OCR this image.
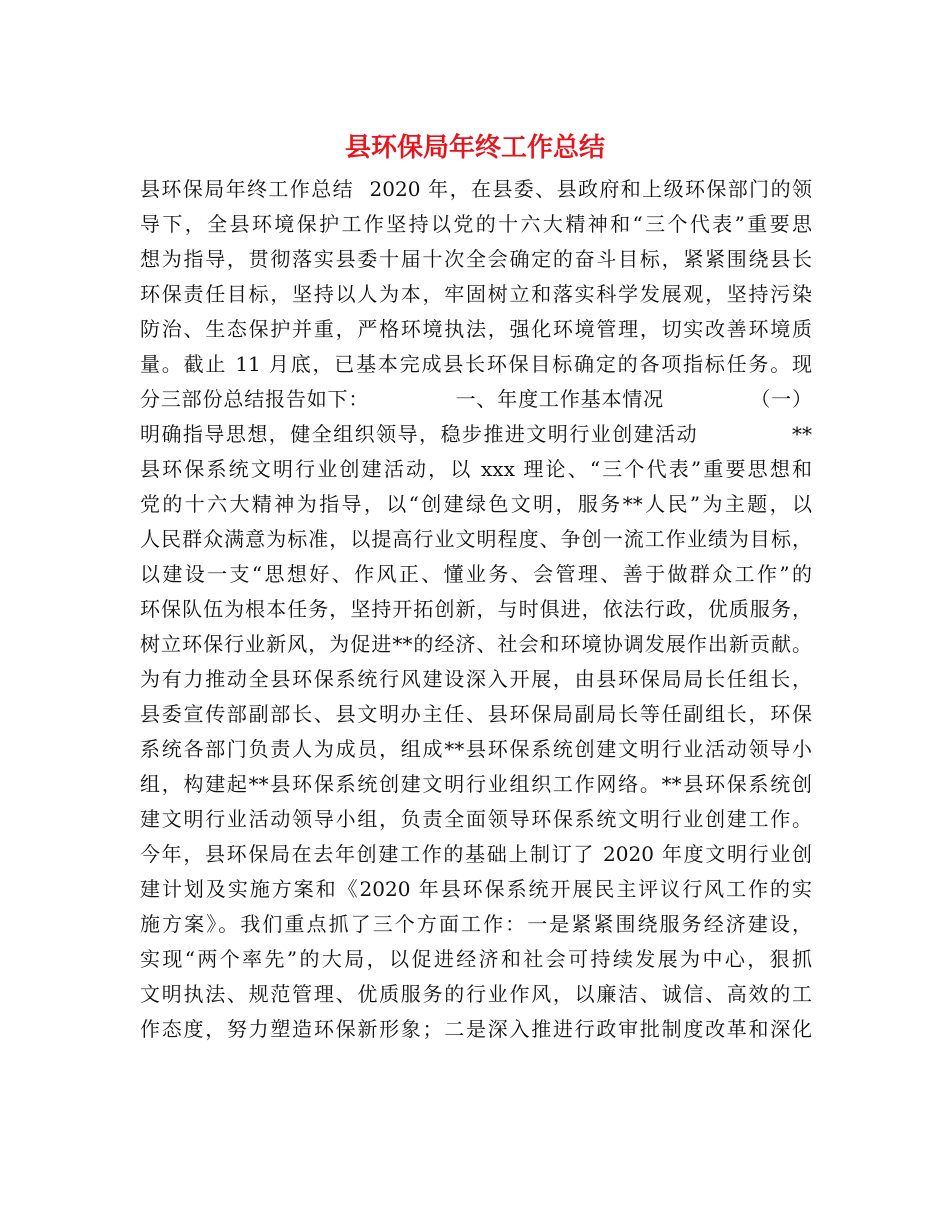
县环保局年终工作总结
县环保局年终工作总结  2020 年，在县委、县政府和上级环保部门的领
导下，全县环境保护工作坚持以党的十六大精神和“三个代表”重要思
想为指导，贯彻落实县委十届十次全会确定的奋斗目标，紧紧围绕县长
环保责任目标，坚持以人为本，牢固树立和落实科学发展观，坚持污染
防治、生态保护并重，严格环境执法，强化环境管理，切实改善环境质
量。截止 11 月底，已基本完成县长环保目标确定的各项指标任务。现
分三部份总结报告如下：            一、年度工作基本情况            （一）
明确指导思想，健全组织领导，稳步推进文明行业创建活动            **
县环保系统文明行业创建活动，以 xxx 理论、“三个代表”重要思想和
党的十六大精神为指导，以“创建绿色文明，服务**人民”为主题，以
人民群众满意为标准，以提高行业文明程度、争创一流工作业绩为目标，
以建设一支“思想好、作风正、懂业务、会管理、善于做群众工作”的
环保队伍为根本任务，坚持开拓创新，与时俱进，依法行政，优质服务，
树立环保行业新风，为促进**的经济、社会和环境协调发展作出新贡献。
为有力推动全县环保系统行风建设深入开展，由县环保局局长任组长，
县委宣传部副部长、县文明办主任、县环保局副局长等任副组长，环保
系统各部门负责人为成员，组成**县环保系统创建文明行业活动领导小
组，构建起**县环保系统创建文明行业组织工作网络。**县环保系统创
建文明行业活动领导小组，负责全面领导环保系统文明行业创建工作。
今年，县环保局在去年创建工作的基础上制订了 2020 年度文明行业创
建计划及实施方案和《2020 年县环保系统开展民主评议行风工作的实
施方案》。我们重点抓了三个方面工作：一是紧紧围绕服务经济建设，
实现“两个率先”的大局，以促进经济和社会可持续发展为中心，狠抓
文明执法、规范管理、优质服务的行业作风，以廉洁、诚信、高效的工
作态度，努力塑造环保新形象；二是深入推进行政审批制度改革和深化
